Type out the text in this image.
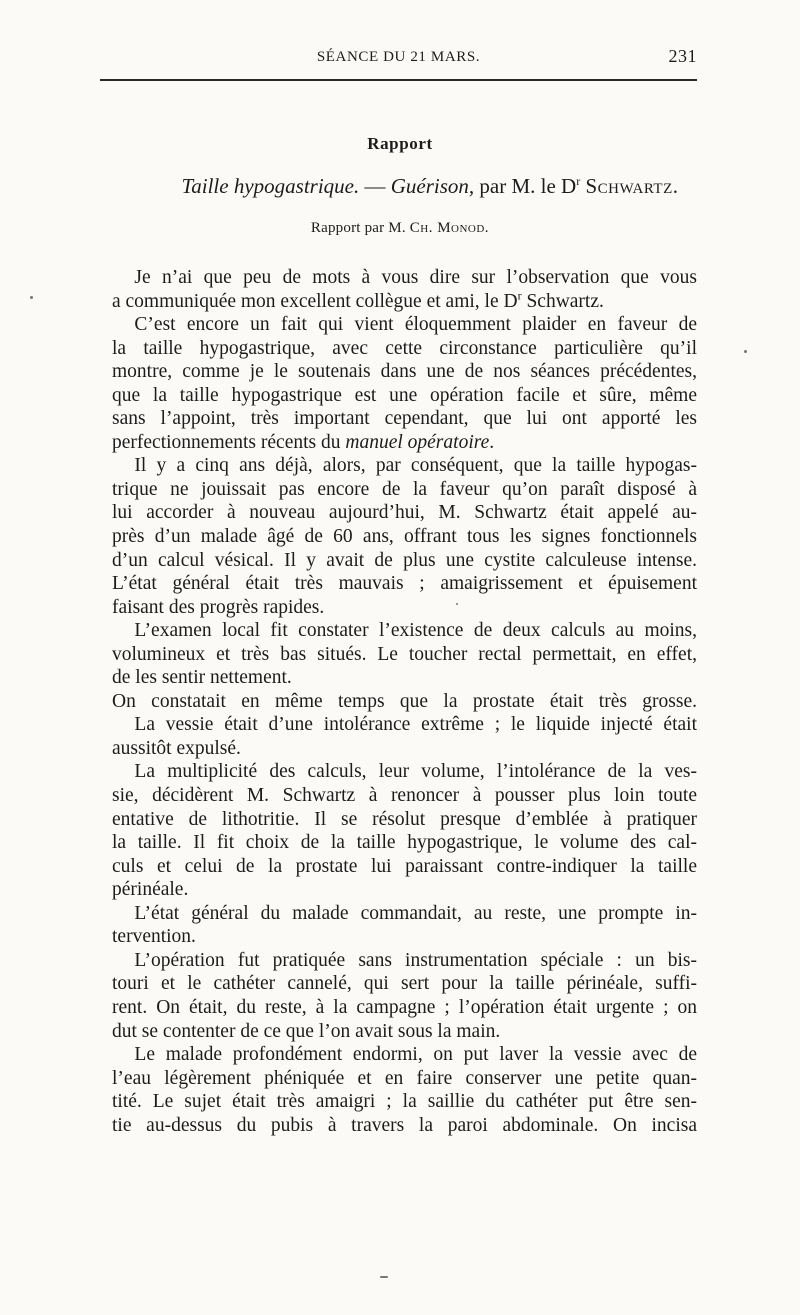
SÉANCE DU 21 MARS.	231
Rapport
Taille hypogastrique. — Guérison, par M. le $D^r$ Schwartz.
Rapport par M. Ch. Monod.
Je n’ai que peu de mots à vous dire sur l’observation que vous
a communiquée mon excellent collègue et ami, le $D^r$ Schwartz.
C’est encore un fait qui vient éloquemment plaider en faveur de
la taille hypogastrique, avec cette circonstance particulière qu’il
montre, comme je le soutenais dans une de nos séances précédentes,
que la taille hypogastrique est une opération facile et sûre, même
sans l’appoint, très important cependant, que lui ont apporté les
perfectionnements récents du manuel opératoire.
Il y a cinq ans déjà, alors, par conséquent, que la taille hypogas-
trique ne jouissait pas encore de la faveur qu’on paraît disposé à
lui accorder à nouveau aujourd’hui, M. Schwartz était appelé au-
près d’un malade âgé de 60 ans, offrant tous les signes fonctionnels
d’un calcul vésical. Il y avait de plus une cystite calculeuse intense.
L’état général était très mauvais ; amaigrissement et épuisement
faisant des progrès rapides.
L’examen local fit constater l’existence de deux calculs au moins,
volumineux et très bas situés. Le toucher rectal permettait, en effet,
de les sentir nettement.
On constatait en même temps que la prostate était très grosse.
La vessie était d’une intolérance extrême ; le liquide injecté était
aussitôt expulsé.
La multiplicité des calculs, leur volume, l’intolérance de la ves-
sie, décidèrent M. Schwartz à renoncer à pousser plus loin toute
entative de lithotritie. Il se résolut presque d’emblée à pratiquer
la taille. Il fit choix de la taille hypogastrique, le volume des cal-
culs et celui de la prostate lui paraissant contre-indiquer la taille
périnéale.
L’état général du malade commandait, au reste, une prompte in-
tervention.
L’opération fut pratiquée sans instrumentation spéciale : un bis-
touri et le cathéter cannelé, qui sert pour la taille périnéale, suffi-
rent. On était, du reste, à la campagne ; l’opération était urgente ; on
dut se contenter de ce que l’on avait sous la main.
Le malade profondément endormi, on put laver la vessie avec de
l’eau légèrement phéniquée et en faire conserver une petite quan-
tité. Le sujet était très amaigri ; la saillie du cathéter put être sen-
tie au-dessus du pubis à travers la paroi abdominale. On incisa
